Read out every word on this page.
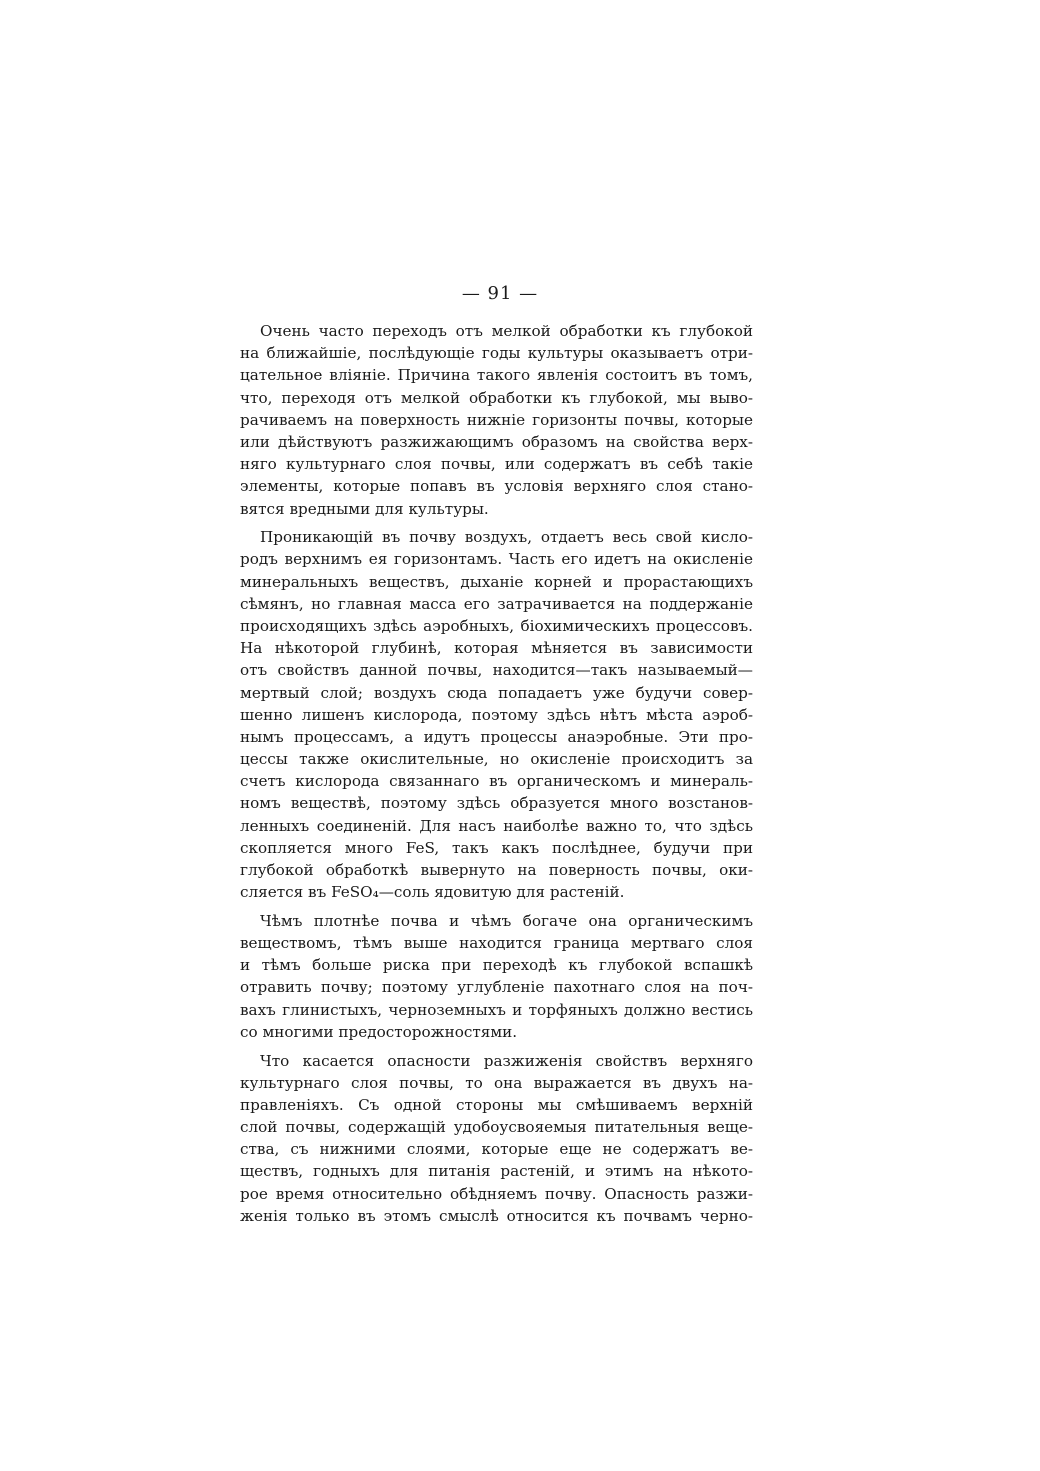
— 91 —
Очень часто переходъ отъ мелкой обработки къ глубокой
на ближайшiе, послѣдующiе годы культуры оказываетъ отри-
цательное влiянiе. Причина такого явленiя состоитъ въ томъ,
что, переходя отъ мелкой обработки къ глубокой, мы выво-
рачиваемъ на поверхность нижнiе горизонты почвы, которые
или дѣйствуютъ разжижающимъ образомъ на свойства верх-
няго культурнаго слоя почвы, или содержатъ въ себѣ такiе
элементы, которые попавъ въ условiя верхняго слоя стано-
вятся вредными для культуры.
Проникающiй въ почву воздухъ, отдаетъ весь свой кисло-
родъ верхнимъ ея горизонтамъ. Часть его идетъ на окисленiе
минеральныхъ веществъ, дыханiе корней и прорастающихъ
сѣмянъ, но главная масса его затрачивается на поддержанiе
происходящихъ здѣсь аэробныхъ, бiохимическихъ процессовъ.
На нѣкоторой глубинѣ, которая мѣняется въ зависимости
отъ свойствъ данной почвы, находится—такъ называемый—
мертвый слой; воздухъ сюда попадаетъ уже будучи совер-
шенно лишенъ кислорода, поэтому здѣсь нѣтъ мѣста аэроб-
нымъ процессамъ, а идутъ процессы анаэробные. Эти про-
цессы также окислительные, но окисленiе происходитъ за
счетъ кислорода связаннаго въ органическомъ и минераль-
номъ веществѣ, поэтому здѣсь образуется много возстанов-
ленныхъ соединенiй. Для насъ наиболѣе важно то, что здѣсь
скопляется много FeS, такъ какъ послѣднее, будучи при
глубокой обработкѣ вывернуто на поверность почвы, оки-
сляется въ FeSO₄—соль ядовитую для растенiй.
Чѣмъ плотнѣе почва и чѣмъ богаче она органическимъ
веществомъ, тѣмъ выше находится граница мертваго слоя
и тѣмъ больше риска при переходѣ къ глубокой вспашкѣ
отравить почву; поэтому углубленiе пахотнаго слоя на поч-
вахъ глинистыхъ, черноземныхъ и торфяныхъ должно вестись
со многими предосторожностями.
Что касается опасности разжиженiя свойствъ верхняго
культурнаго слоя почвы, то она выражается въ двухъ на-
правленiяхъ. Съ одной стороны мы смѣшиваемъ верхнiй
слой почвы, содержащiй удобоусвояемыя питательныя веще-
ства, съ нижними слоями, которые еще не содержатъ ве-
ществъ, годныхъ для питанiя растенiй, и этимъ на нѣкото-
рое время относительно обѣдняемъ почву. Опасность разжи-
женiя только въ этомъ смыслѣ относится къ почвамъ черно-
